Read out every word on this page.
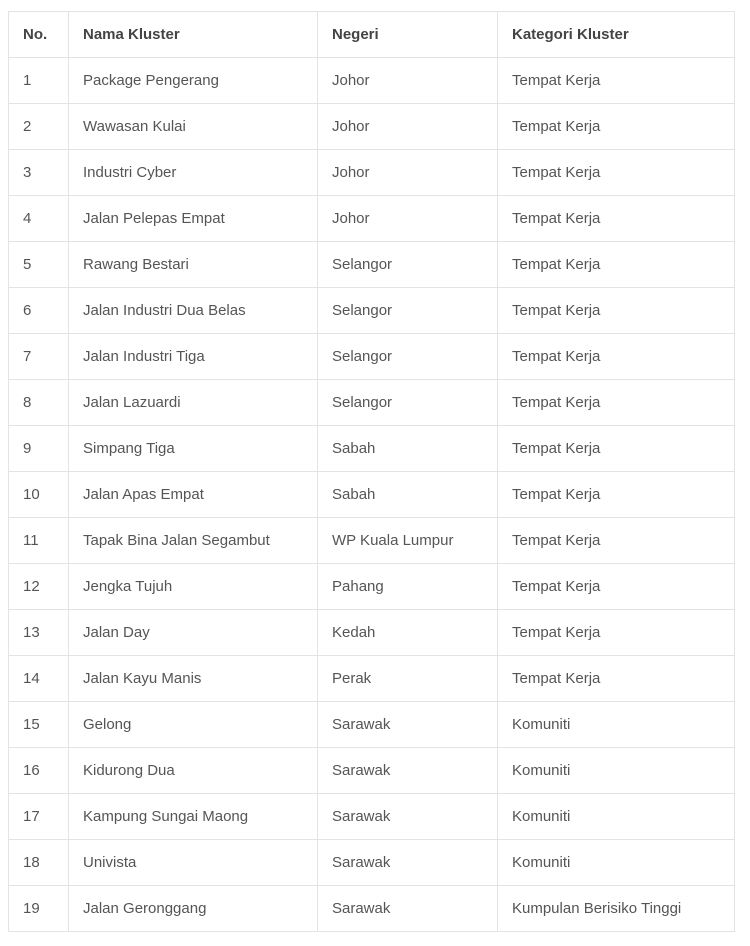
No.	Nama Kluster	Negeri	Kategori Kluster
1	Package Pengerang	Johor	Tempat Kerja
2	Wawasan Kulai	Johor	Tempat Kerja
3	Industri Cyber	Johor	Tempat Kerja
4	Jalan Pelepas Empat	Johor	Tempat Kerja
5	Rawang Bestari	Selangor	Tempat Kerja
6	Jalan Industri Dua Belas	Selangor	Tempat Kerja
7	Jalan Industri Tiga	Selangor	Tempat Kerja
8	Jalan Lazuardi	Selangor	Tempat Kerja
9	Simpang Tiga	Sabah	Tempat Kerja
10	Jalan Apas Empat	Sabah	Tempat Kerja
11	Tapak Bina Jalan Segambut	WP Kuala Lumpur	Tempat Kerja
12	Jengka Tujuh	Pahang	Tempat Kerja
13	Jalan Day	Kedah	Tempat Kerja
14	Jalan Kayu Manis	Perak	Tempat Kerja
15	Gelong	Sarawak	Komuniti
16	Kidurong Dua	Sarawak	Komuniti
17	Kampung Sungai Maong	Sarawak	Komuniti
18	Univista	Sarawak	Komuniti
19	Jalan Geronggang	Sarawak	Kumpulan Berisiko Tinggi
